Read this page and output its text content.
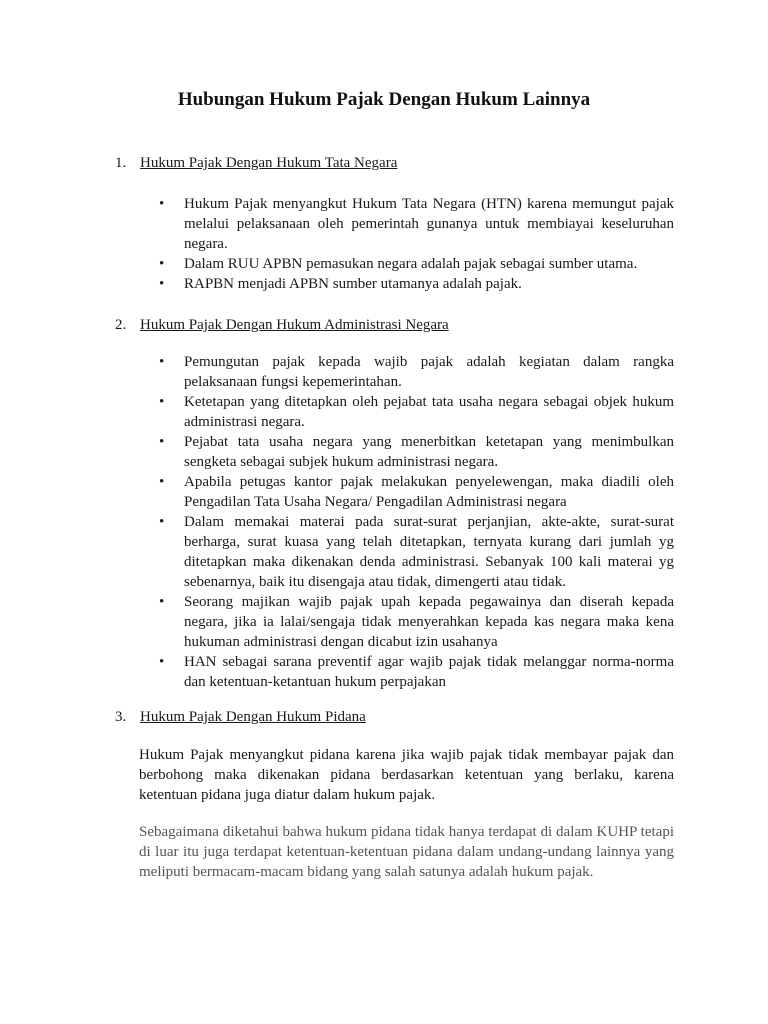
Hubungan Hukum Pajak Dengan Hukum Lainnya
1. Hukum Pajak Dengan Hukum Tata Negara
• Hukum Pajak menyangkut Hukum Tata Negara (HTN) karena memungut pajak melalui pelaksanaan oleh pemerintah gunanya untuk membiayai keseluruhan negara.
• Dalam RUU APBN pemasukan negara adalah pajak sebagai sumber utama.
• RAPBN menjadi APBN sumber utamanya adalah pajak.
2. Hukum Pajak Dengan Hukum Administrasi Negara
• Pemungutan pajak kepada wajib pajak adalah kegiatan dalam rangka pelaksanaan fungsi kepemerintahan.
• Ketetapan yang ditetapkan oleh pejabat tata usaha negara sebagai objek hukum administrasi negara.
• Pejabat tata usaha negara yang menerbitkan ketetapan yang menimbulkan sengketa sebagai subjek hukum administrasi negara.
• Apabila petugas kantor pajak melakukan penyelewengan, maka diadili oleh Pengadilan Tata Usaha Negara/ Pengadilan Administrasi negara
• Dalam memakai materai pada surat-surat perjanjian, akte-akte, surat-surat berharga, surat kuasa yang telah ditetapkan, ternyata kurang dari jumlah yg ditetapkan maka dikenakan denda administrasi. Sebanyak 100 kali materai yg sebenarnya, baik itu disengaja atau tidak, dimengerti atau tidak.
• Seorang majikan wajib pajak upah kepada pegawainya dan diserah kepada negara, jika ia lalai/sengaja tidak menyerahkan kepada kas negara maka kena hukuman administrasi dengan dicabut izin usahanya
• HAN sebagai sarana preventif agar wajib pajak tidak melanggar norma-norma dan ketentuan-ketantuan hukum perpajakan
3. Hukum Pajak Dengan Hukum Pidana

Hukum Pajak menyangkut pidana karena jika wajib pajak tidak membayar pajak dan berbohong maka dikenakan pidana berdasarkan ketentuan yang berlaku, karena ketentuan pidana juga diatur dalam hukum pajak.

Sebagaimana diketahui bahwa hukum pidana tidak hanya terdapat di dalam KUHP tetapi di luar itu juga terdapat ketentuan-ketentuan pidana dalam undang-undang lainnya yang meliputi bermacam-macam bidang yang salah satunya adalah hukum pajak.
